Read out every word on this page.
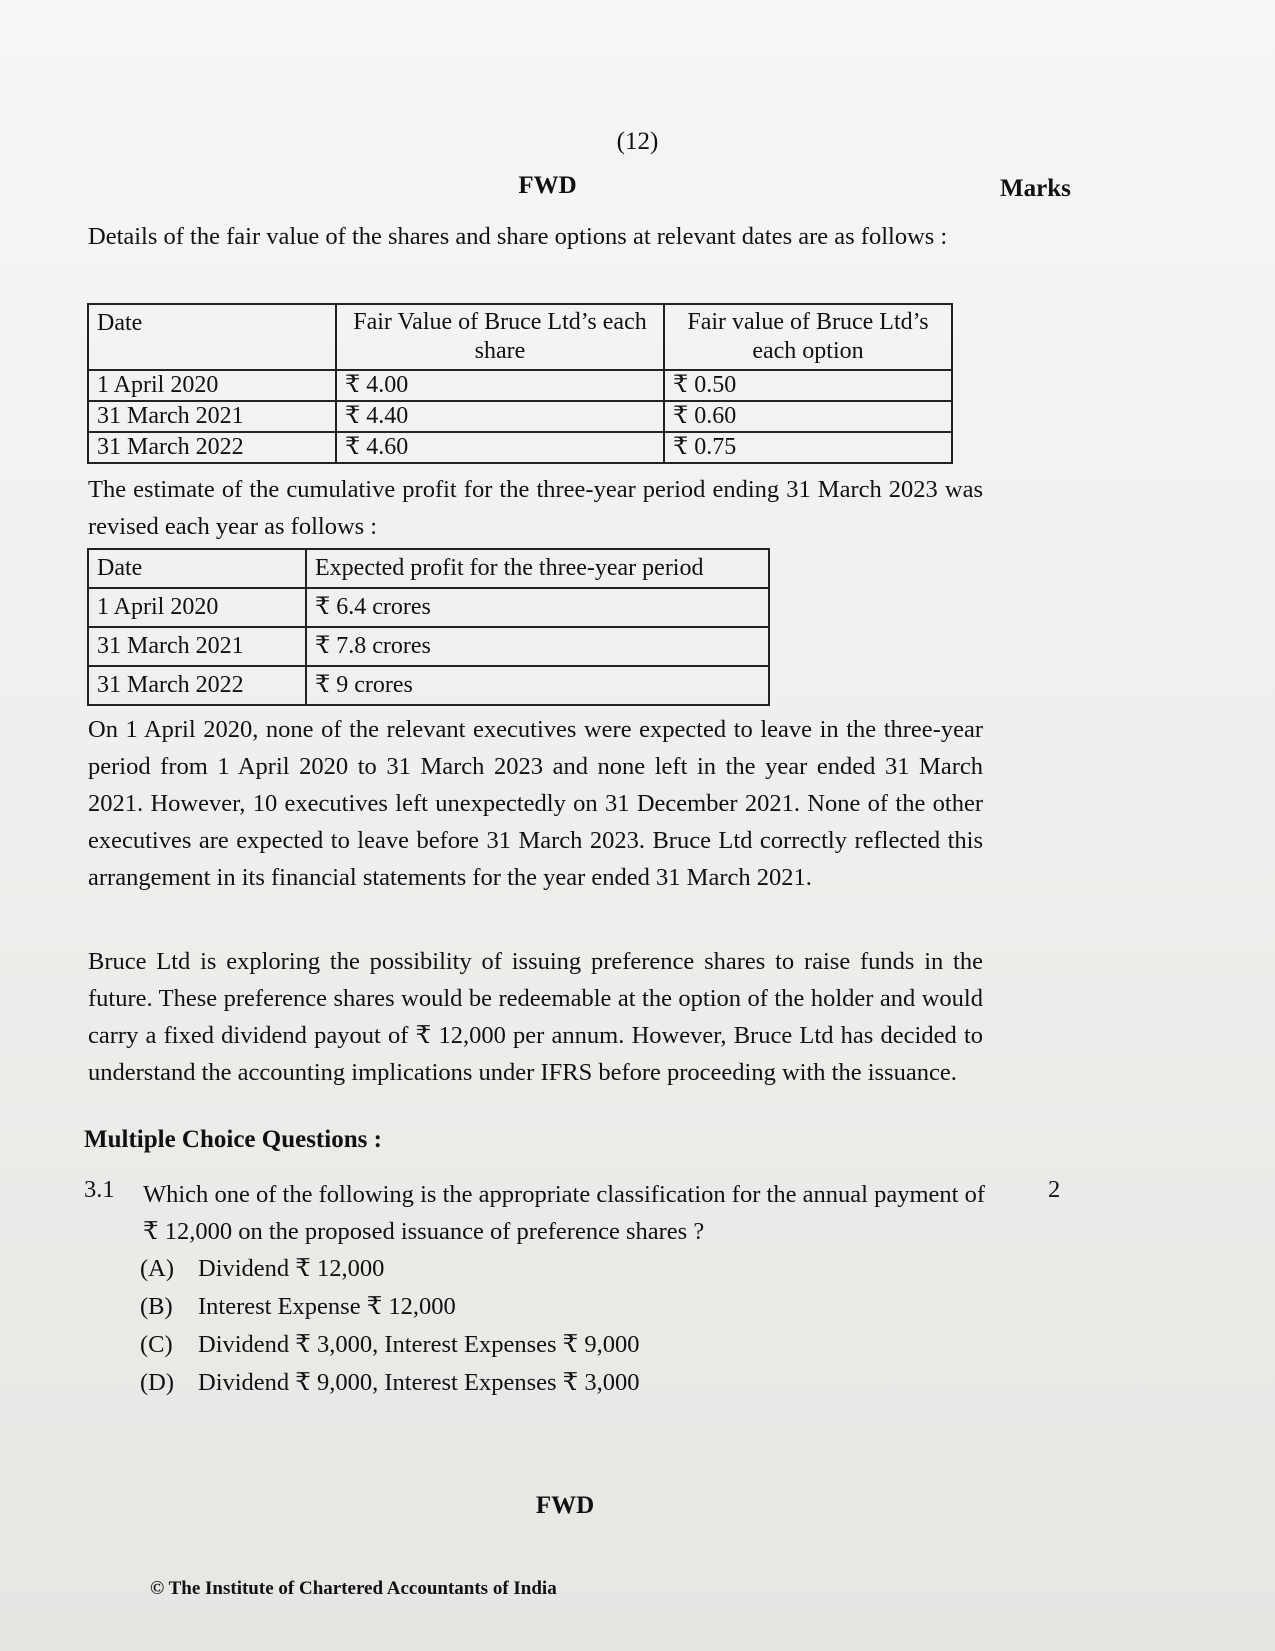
(12)
FWD	Marks
Details of the fair value of the shares and share options at relevant dates are as follows :
Date	Fair Value of Bruce Ltd’s each share	Fair value of Bruce Ltd’s each option
1 April 2020	₹ 4.00	₹ 0.50
31 March 2021	₹ 4.40	₹ 0.60
31 March 2022	₹ 4.60	₹ 0.75
The estimate of the cumulative profit for the three-year period ending 31 March 2023 was revised each year as follows :
Date	Expected profit for the three-year period
1 April 2020	₹ 6.4 crores
31 March 2021	₹ 7.8 crores
31 March 2022	₹ 9 crores
On 1 April 2020, none of the relevant executives were expected to leave in the three-year period from 1 April 2020 to 31 March 2023 and none left in the year ended 31 March 2021. However, 10 executives left unexpectedly on 31 December 2021. None of the other executives are expected to leave before 31 March 2023. Bruce Ltd correctly reflected this arrangement in its financial statements for the year ended 31 March 2021.
Bruce Ltd is exploring the possibility of issuing preference shares to raise funds in the future. These preference shares would be redeemable at the option of the holder and would carry a fixed dividend payout of ₹ 12,000 per annum. However, Bruce Ltd has decided to understand the accounting implications under IFRS before proceeding with the issuance.
Multiple Choice Questions :
3.1 Which one of the following is the appropriate classification for the annual payment of ₹ 12,000 on the proposed issuance of preference shares ?
2
(A) Dividend ₹ 12,000
(B)	Interest Expense ₹ 12,000
(C)	Dividend ₹ 3,000, Interest Expenses ₹ 9,000
(D) Dividend ₹ 9,000, Interest Expenses ₹ 3,000
FWD
© The Institute of Chartered Accountants of India
